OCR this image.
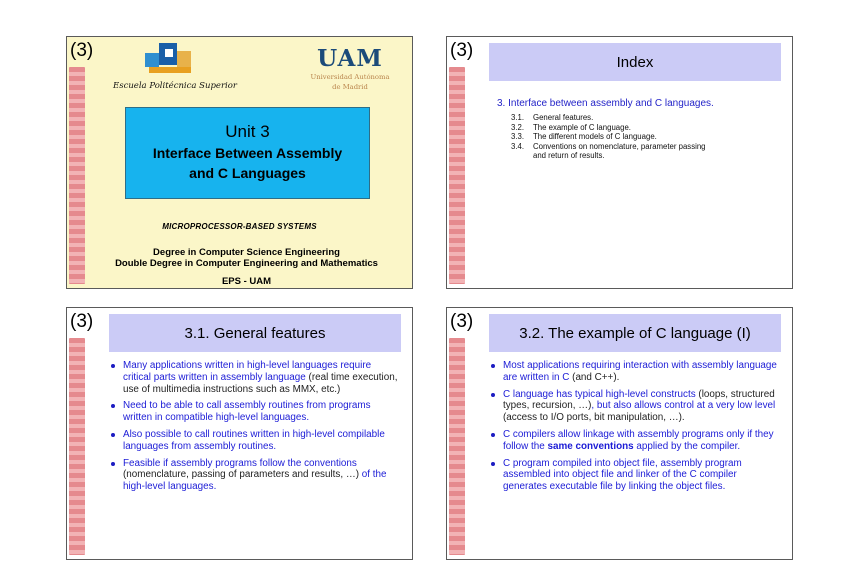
(3)
Escuela Politécnica Superior
UAM
Universidad Autónoma
de Madrid
Unit 3
Interface Between Assembly
and C Languages
MICROPROCESSOR-BASED SYSTEMS
Degree in Computer Science Engineering
Double Degree in Computer Engineering and Mathematics
EPS - UAM
(3)
Index
3. Interface between assembly and C languages.
3.1.	General features.
3.2.	The example of C language.
3.3.	The different models of C language.
3.4.	Conventions on nomenclature, parameter passing
and return of results.
(3)
3.1. General features
Many applications written in high-level languages require critical parts written in assembly language (real time execution, use of multimedia instructions such as MMX, etc.)
Need to be able to call assembly routines from programs written in compatible high-level languages.
Also possible to call routines written in high-level compilable languages from assembly routines.
Feasible if assembly programs follow the conventions (nomenclature, passing of parameters and results, …) of the high-level languages.
(3)
3.2. The example of C language (I)
Most applications requiring interaction with assembly language are written in C (and C++).
C language has typical high-level constructs (loops, structured types, recursion, …), but also allows control at a very low level (access to I/O ports, bit manipulation, …).
C compilers allow linkage with assembly programs only if they follow the same conventions applied by the compiler.
C program compiled into object file, assembly program assembled into object file and linker of the C compiler generates executable file by linking the object files.
